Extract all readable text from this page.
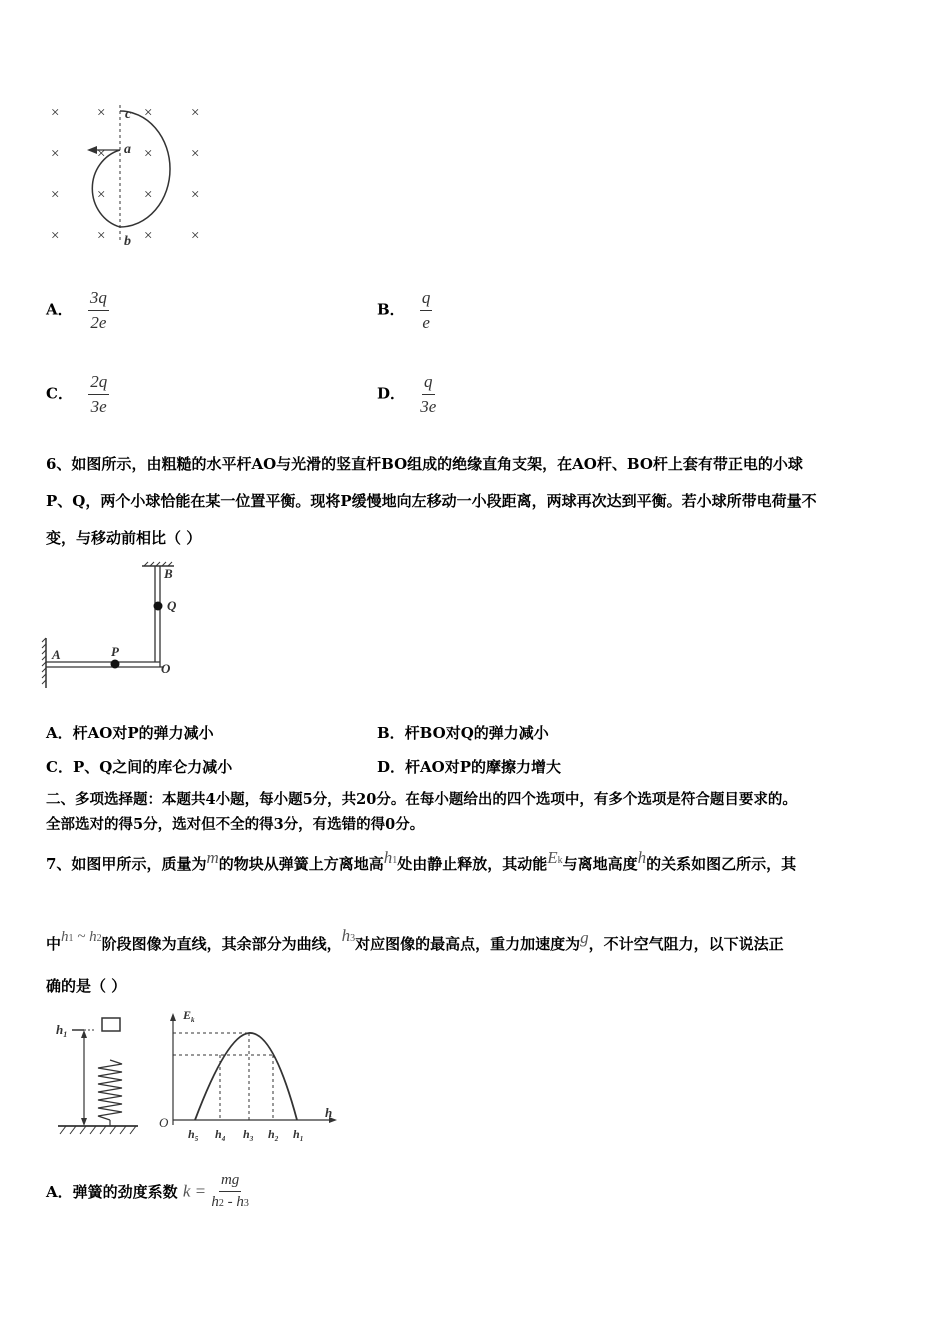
×	×	×	×
×	×	×	×
×	×	×	×
×	×	×	×
c
a
b
A． $\frac{3q}{2e}$	B． $\frac{q}{e}$
C． $\frac{2q}{3e}$	D． $\frac{q}{3e}$
6、如图所示，由粗糙的水平杆AO与光滑的竖直杆BO组成的绝缘直角支架，在AO杆、BO杆上套有带正电的小球
P、Q，两个小球恰能在某一位置平衡。现将P缓慢地向左移动一小段距离，两球再次达到平衡。若小球所带电荷量不
变，与移动前相比（ ）
A
B
O
P
Q
A．杆AO对P的弹力减小	B．杆BO对Q的弹力减小
C．P、Q之间的库仑力减小	D．杆AO对P的摩擦力增大
二、多项选择题：本题共4小题，每小题5分，共20分。在每小题给出的四个选项中，有多个选项是符合题目要求的。
全部选对的得5分，选对但不全的得3分，有选错的得0分。
7、如图甲所示，质量为m的物块从弹簧上方离地高h1处由静止释放，其动能Ek与离地高度h的关系如图乙所示，其
中h1 ~ h2阶段图像为直线，其余部分为曲线，h3对应图像的最高点，重力加速度为g，不计空气阻力，以下说法正
确的是（ ）
$h_1$
$E_k$
O
h
$h_5$ $h_4$ $h_3$ $h_2$ $h_1$
A．弹簧的劲度系数 $k = \frac{mg}{h2 - h3}$
